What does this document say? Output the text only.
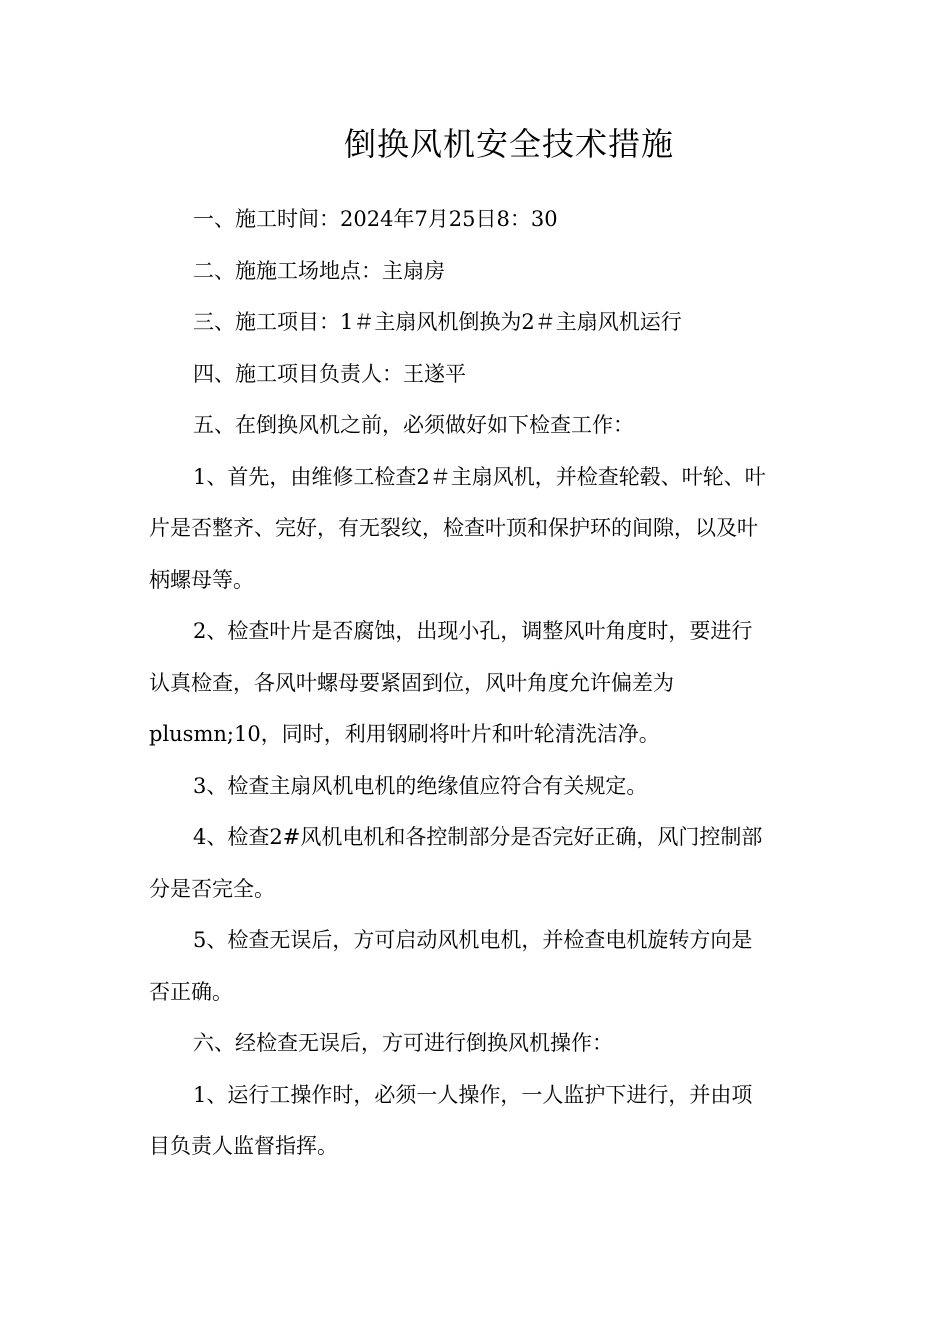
倒换风机安全技术措施

一、施工时间：2024年7月25日8：30

二、施施工场地点：主扇房

三、施工项目：1＃主扇风机倒换为2＃主扇风机运行

四、施工项目负责人：王遂平

五、在倒换风机之前，必须做好如下检查工作：

1、首先，由维修工检查2＃主扇风机，并检查轮毂、叶轮、叶
片是否整齐、完好，有无裂纹，检查叶顶和保护环的间隙，以及叶
柄螺母等。

2、检查叶片是否腐蚀，出现小孔，调整风叶角度时，要进行
认真检查，各风叶螺母要紧固到位，风叶角度允许偏差为
plusmn;10，同时，利用钢刷将叶片和叶轮清洗洁净。

3、检查主扇风机电机的绝缘值应符合有关规定。

4、检查2#风机电机和各控制部分是否完好正确，风门控制部
分是否完全。

5、检查无误后，方可启动风机电机，并检查电机旋转方向是
否正确。

六、经检查无误后，方可进行倒换风机操作：

1、运行工操作时，必须一人操作，一人监护下进行，并由项
目负责人监督指挥。
